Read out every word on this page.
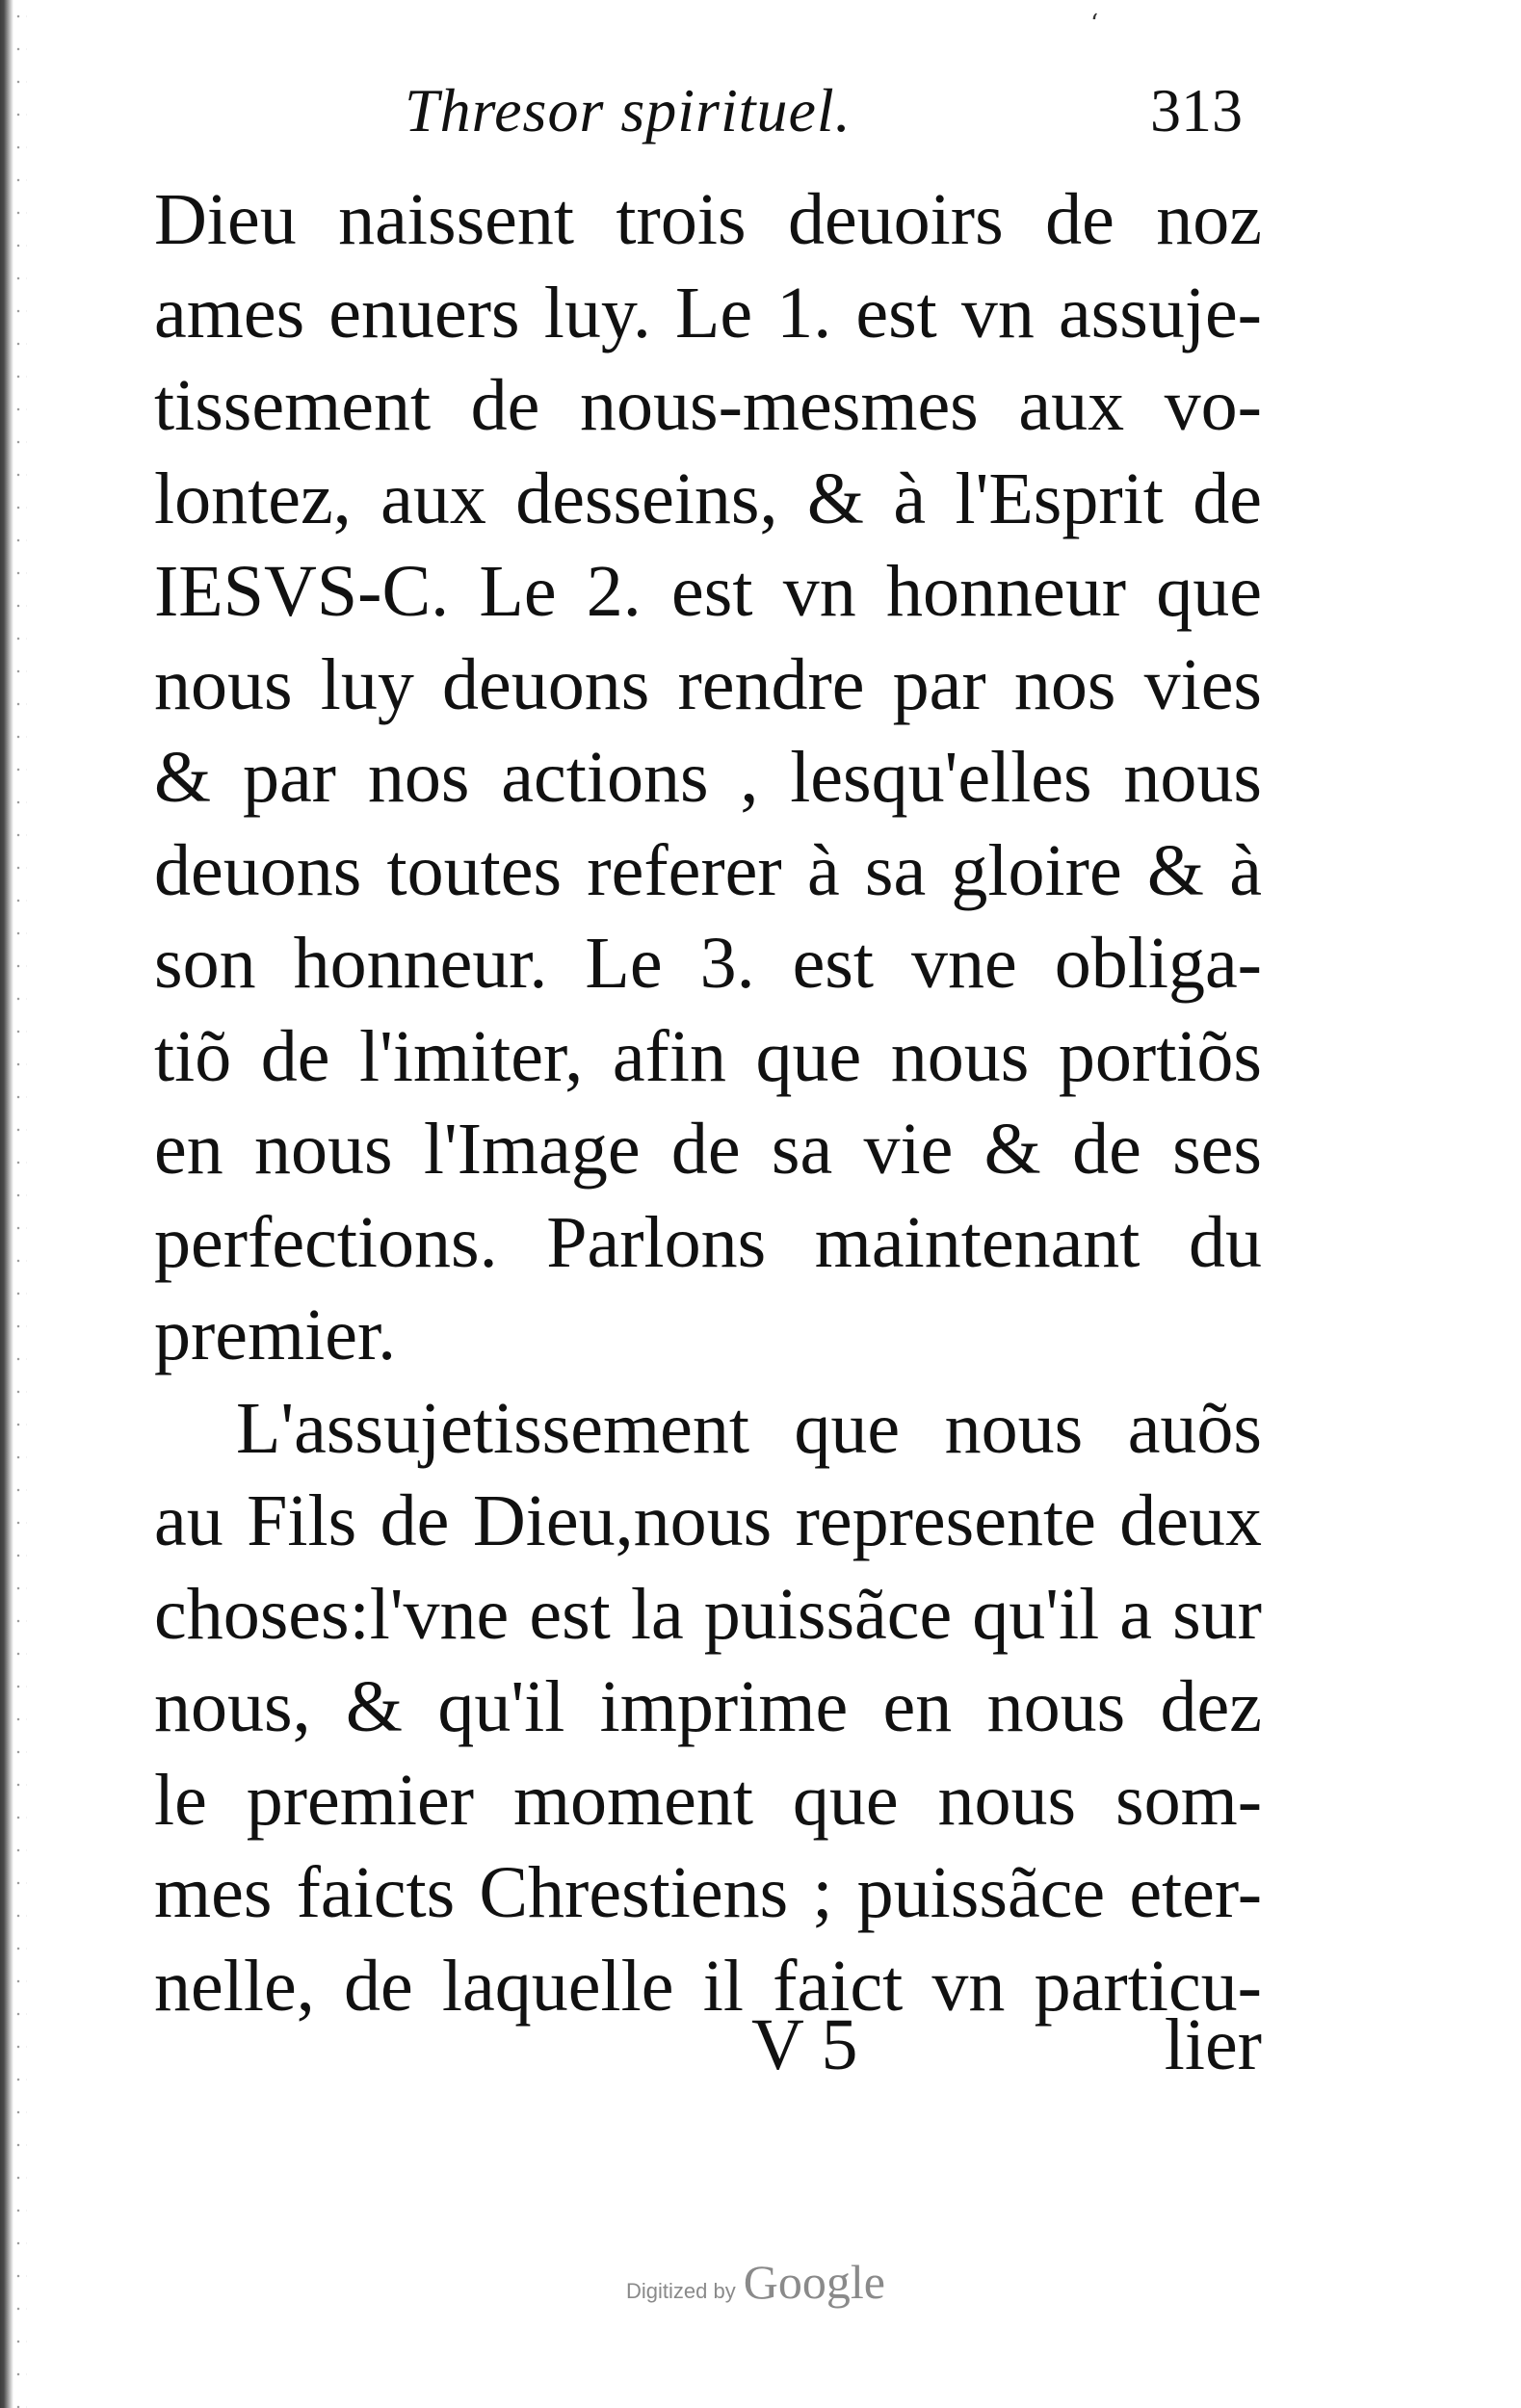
‘
Thresor spirituel.	313
Dieu naissent trois deuoirs de noz
ames enuers luy. Le 1. est vn assuje-
tissement de nous-mesmes aux vo-
lontez, aux desseins, & à l'Esprit de
IESVS-C. Le 2. est vn honneur que
nous luy deuons rendre par nos vies
& par nos actions , lesqu'elles nous
deuons toutes referer à sa gloire & à
son honneur. Le 3. est vne obliga-
tiõ de l'imiter, afin que nous portiõs
en nous l'Image de sa vie & de ses
perfections. Parlons maintenant du
premier.
L'assujetissement que nous auõs
au Fils de Dieu,nous represente deux
choses:l'vne est la puissãce qu'il a sur
nous, & qu'il imprime en nous dez
le premier moment que nous som-
mes faicts Chrestiens ; puissãce eter-
nelle, de laquelle il faict vn particu-
V 5	lier
Digitized by Google
